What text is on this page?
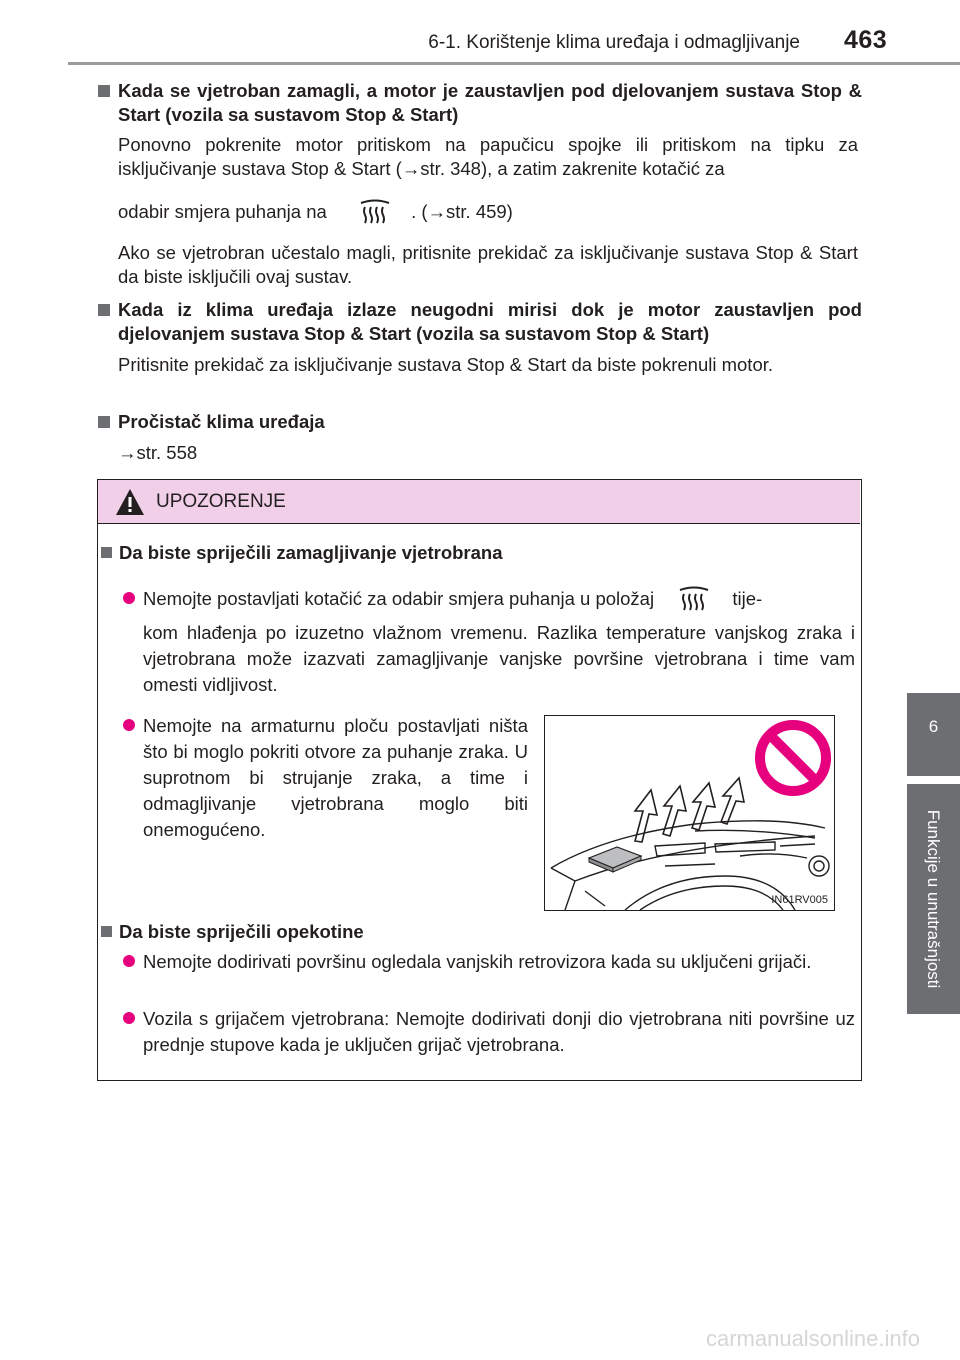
6-1. Korištenje klima uređaja i odmagljivanje 463
6
Funkcije u unutrašnjosti
Kada se vjetroban zamagli, a motor je zaustavljen pod djelovanjem sustava Stop & Start (vozila sa sustavom Stop & Start)
Ponovno pokrenite motor pritiskom na papučicu spojke ili pritiskom na tipku za isključivanje sustava Stop & Start (→str. 348), a zatim zakrenite kotačić za
odabir smjera puhanja na	. (→str. 459)
Ako se vjetrobran učestalo magli, pritisnite prekidač za isključivanje sustava Stop & Start da biste isključili ovaj sustav.
Kada iz klima uređaja izlaze neugodni mirisi dok je motor zaustavljen pod djelovanjem sustava Stop & Start (vozila sa sustavom Stop & Start)
Pritisnite prekidač za isključivanje sustava Stop & Start da biste pokrenuli motor.
Pročistač klima uređaja
→str. 558
UPOZORENJE
Da biste spriječili zamagljivanje vjetrobrana
Nemojte postavljati kotačić za odabir smjera puhanja u položaj	tije-
kom hlađenja po izuzetno vlažnom vremenu. Razlika temperature vanjskog zraka i vjetrobrana može izazvati zamagljivanje vanjske površine vjetrobrana i time vam omesti vidljivost.
Nemojte na armaturnu ploču postavljati ništa što bi moglo pokriti otvore za puhanje zraka. U suprotnom bi strujanje zraka, a time i odmagljivanje vjetrobrana moglo biti onemogućeno.
Da biste spriječili opekotine
Nemojte dodirivati površinu ogledala vanjskih retrovizora kada su uključeni grijači.
Vozila s grijačem vjetrobrana: Nemojte dodirivati donji dio vjetrobrana niti površine uz prednje stupove kada je uključen grijač vjetrobrana.
IN61RV005
carmanualsonline.info
